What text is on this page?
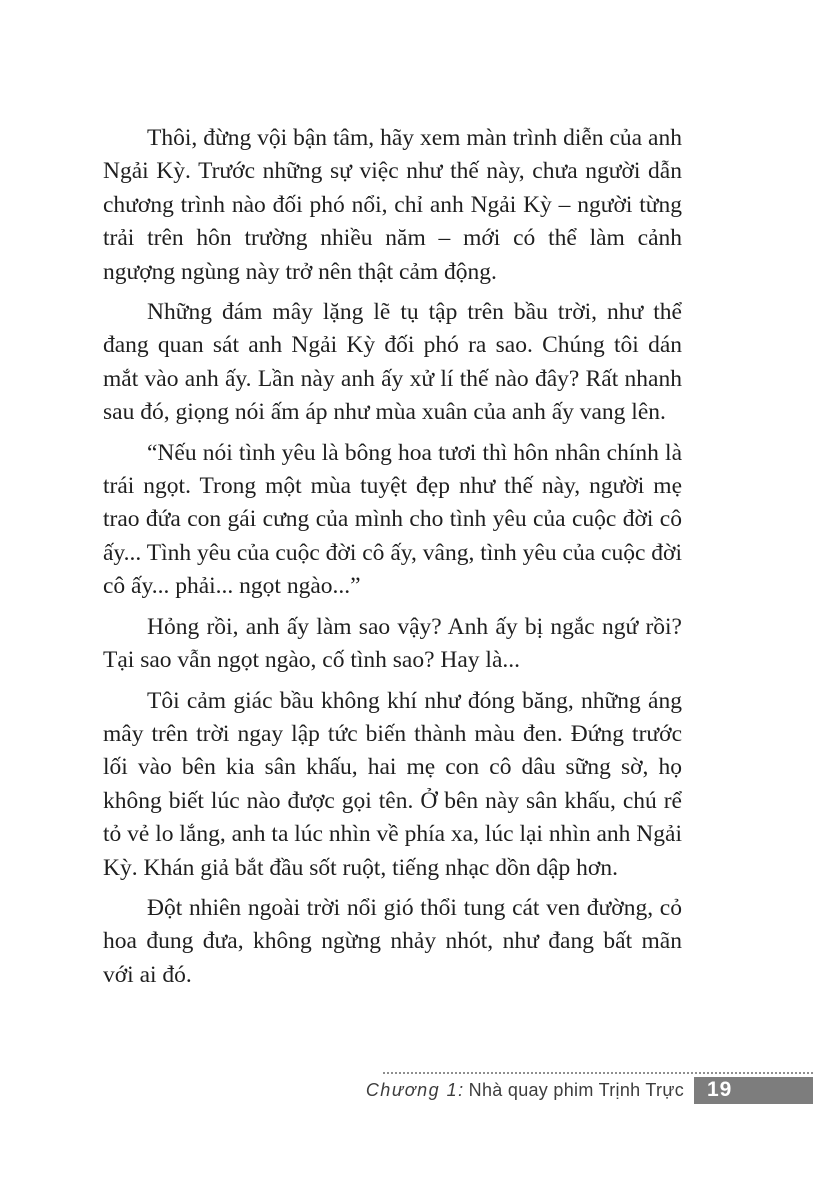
Thôi, đừng vội bận tâm, hãy xem màn trình diễn của anh Ngải Kỳ. Trước những sự việc như thế này, chưa người dẫn chương trình nào đối phó nổi, chỉ anh Ngải Kỳ – người từng trải trên hôn trường nhiều năm – mới có thể làm cảnh ngượng ngùng này trở nên thật cảm động.

Những đám mây lặng lẽ tụ tập trên bầu trời, như thể đang quan sát anh Ngải Kỳ đối phó ra sao. Chúng tôi dán mắt vào anh ấy. Lần này anh ấy xử lí thế nào đây? Rất nhanh sau đó, giọng nói ấm áp như mùa xuân của anh ấy vang lên.

“Nếu nói tình yêu là bông hoa tươi thì hôn nhân chính là trái ngọt. Trong một mùa tuyệt đẹp như thế này, người mẹ trao đứa con gái cưng của mình cho tình yêu của cuộc đời cô ấy... Tình yêu của cuộc đời cô ấy, vâng, tình yêu của cuộc đời cô ấy... phải... ngọt ngào...”

Hỏng rồi, anh ấy làm sao vậy? Anh ấy bị ngắc ngứ rồi? Tại sao vẫn ngọt ngào, cố tình sao? Hay là...

Tôi cảm giác bầu không khí như đóng băng, những áng mây trên trời ngay lập tức biến thành màu đen. Đứng trước lối vào bên kia sân khấu, hai mẹ con cô dâu sững sờ, họ không biết lúc nào được gọi tên. Ở bên này sân khấu, chú rể tỏ vẻ lo lắng, anh ta lúc nhìn về phía xa, lúc lại nhìn anh Ngải Kỳ. Khán giả bắt đầu sốt ruột, tiếng nhạc dồn dập hơn.

Đột nhiên ngoài trời nổi gió thổi tung cát ven đường, cỏ hoa đung đưa, không ngừng nhảy nhót, như đang bất mãn với ai đó.

Chương 1: Nhà quay phim Trịnh Trực	19
